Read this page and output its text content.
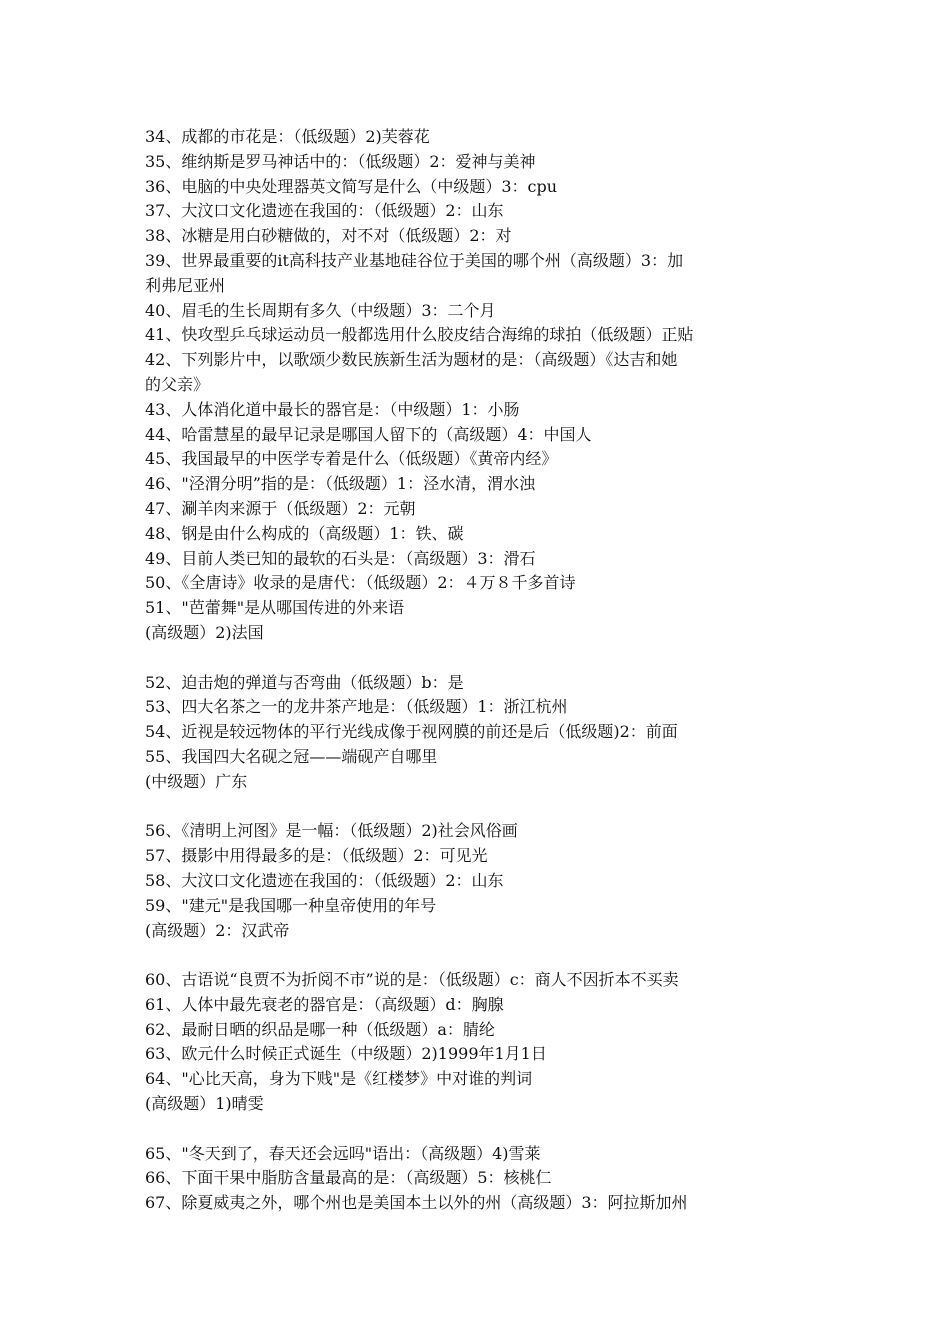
34、成都的市花是：（低级题）2)芙蓉花
35、维纳斯是罗马神话中的：（低级题）2：爱神与美神
36、电脑的中央处理器英文简写是什么（中级题）3：cpu
37、大汶口文化遗迹在我国的：（低级题）2：山东
38、冰糖是用白砂糖做的，对不对（低级题）2：对
39、世界最重要的it高科技产业基地硅谷位于美国的哪个州（高级题）3：加
利弗尼亚州
40、眉毛的生长周期有多久（中级题）3：二个月
41、快攻型乒乓球运动员一般都选用什么胶皮结合海绵的球拍（低级题）正贴
42、下列影片中，以歌颂少数民族新生活为题材的是：（高级题）《达吉和她
的父亲》
43、人体消化道中最长的器官是：（中级题）1：小肠
44、哈雷慧星的最早记录是哪国人留下的（高级题）4：中国人
45、我国最早的中医学专着是什么（低级题）《黄帝内经》
46、"泾渭分明”指的是：（低级题）1：泾水清，渭水浊
47、涮羊肉来源于（低级题）2：元朝
48、钢是由什么构成的（高级题）1：铁、碳
49、目前人类已知的最软的石头是：（高级题）3：滑石
50、《全唐诗》收录的是唐代：（低级题）2：４万８千多首诗
51、"芭蕾舞"是从哪国传进的外来语
(高级题）2)法国
52、迫击炮的弹道与否弯曲（低级题）b：是
53、四大名茶之一的龙井茶产地是：（低级题）1：浙江杭州
54、近视是较远物体的平行光线成像于视网膜的前还是后（低级题)2：前面
55、我国四大名砚之冠——端砚产自哪里
(中级题）广东
56、《清明上河图》是一幅：（低级题）2)社会风俗画
57、摄影中用得最多的是：（低级题）2：可见光
58、大汶口文化遗迹在我国的：（低级题）2：山东
59、"建元"是我国哪一种皇帝使用的年号
(高级题）2：汉武帝
60、古语说“良贾不为折阅不市”说的是：（低级题）c：商人不因折本不买卖
61、人体中最先衰老的器官是：（高级题）d：胸腺
62、最耐日晒的织品是哪一种（低级题）a：腈纶
63、欧元什么时候正式诞生（中级题）2)1999年1月1日
64、"心比天高，身为下贱"是《红楼梦》中对谁的判词
(高级题）1)晴雯
65、"冬天到了，春天还会远吗"语出：（高级题）4)雪莱
66、下面干果中脂肪含量最高的是：（高级题）5：核桃仁
67、除夏威夷之外，哪个州也是美国本土以外的州（高级题）3：阿拉斯加州
